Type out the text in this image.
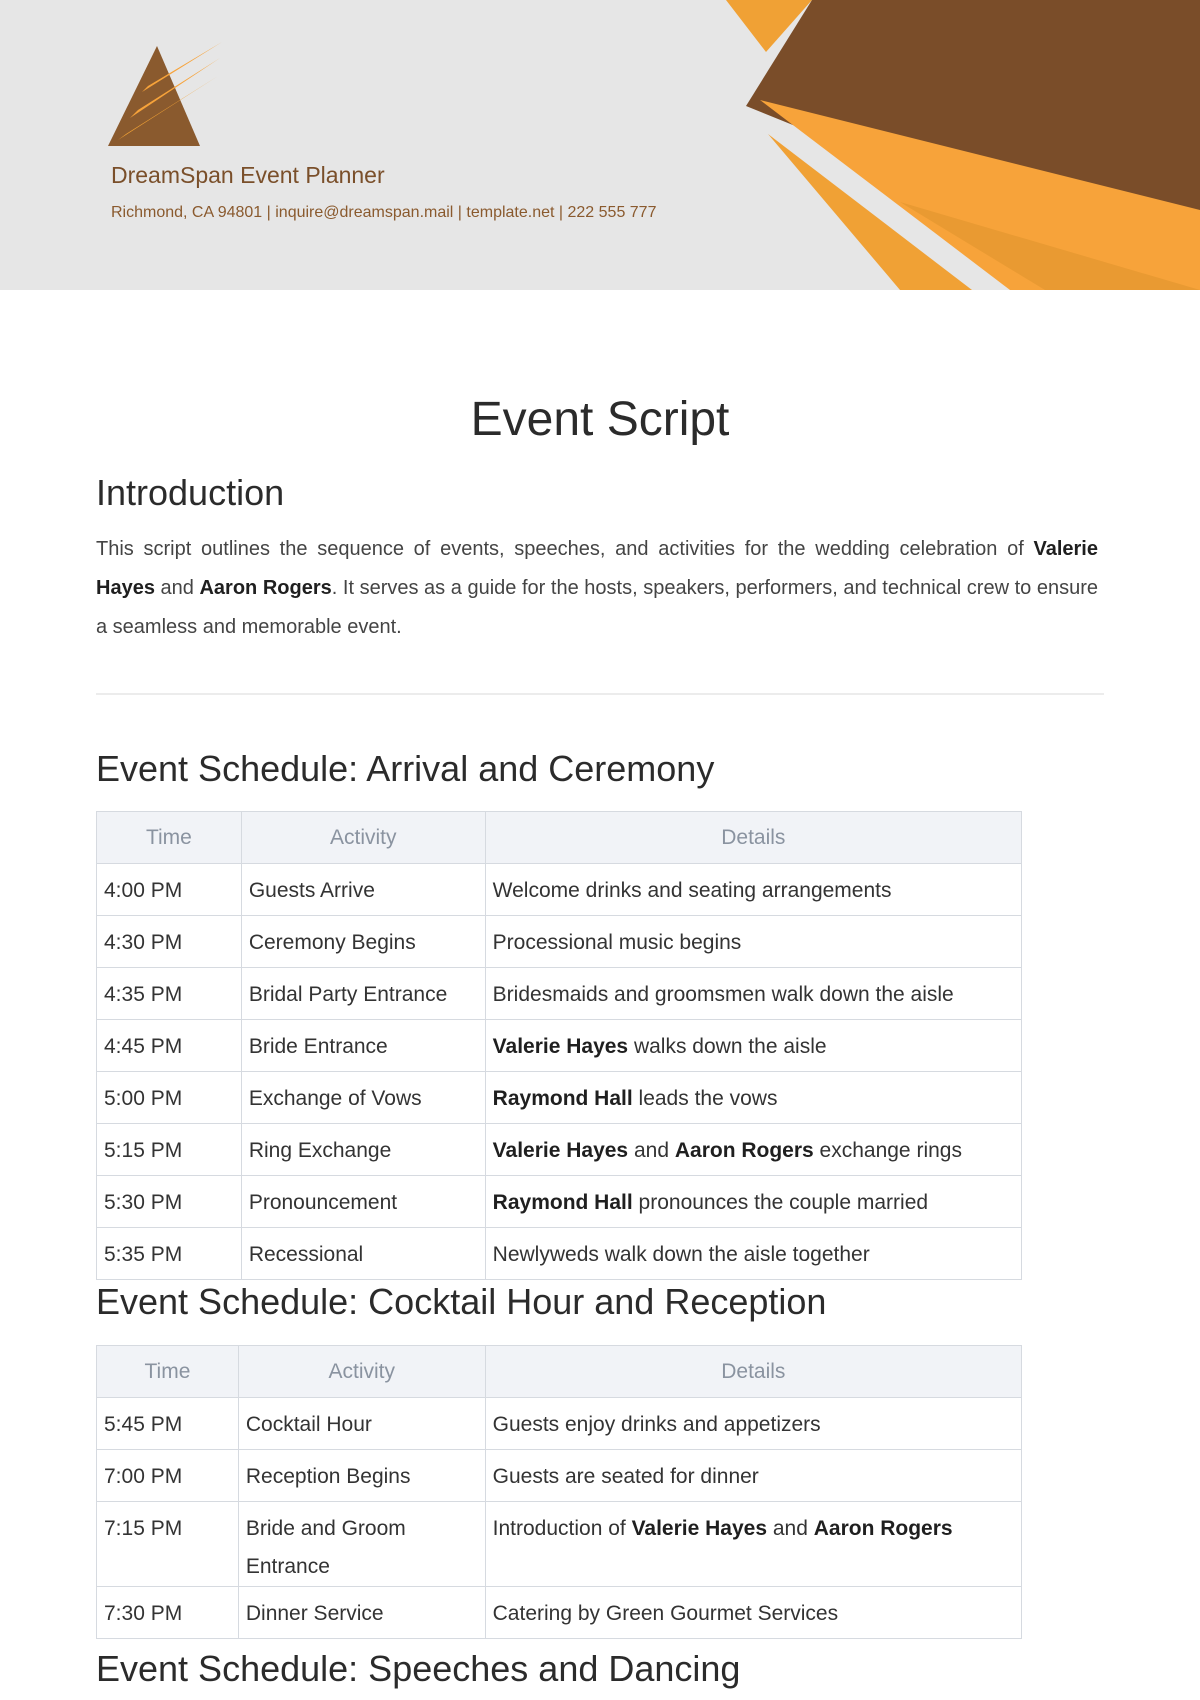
DreamSpan Event Planner
Richmond, CA 94801 | inquire@dreamspan.mail | template.net | 222 555 777
Event Script
Introduction

This script outlines the sequence of events, speeches, and activities for the wedding celebration of Valerie Hayes and Aaron Rogers. It serves as a guide for the hosts, speakers, performers, and technical crew to ensure a seamless and memorable event.

Event Schedule: Arrival and Ceremony
Time	Activity	Details
4:00 PM	Guests Arrive	Welcome drinks and seating arrangements
4:30 PM	Ceremony Begins	Processional music begins
4:35 PM	Bridal Party Entrance	Bridesmaids and groomsmen walk down the aisle
4:45 PM	Bride Entrance	Valerie Hayes walks down the aisle
5:00 PM	Exchange of Vows	Raymond Hall leads the vows
5:15 PM	Ring Exchange	Valerie Hayes and Aaron Rogers exchange rings
5:30 PM	Pronouncement	Raymond Hall pronounces the couple married
5:35 PM	Recessional	Newlyweds walk down the aisle together
Event Schedule: Cocktail Hour and Reception
Time	Activity	Details
5:45 PM	Cocktail Hour	Guests enjoy drinks and appetizers
7:00 PM	Reception Begins	Guests are seated for dinner
7:15 PM	Bride and Groom Entrance	Introduction of Valerie Hayes and Aaron Rogers
7:30 PM	Dinner Service	Catering by Green Gourmet Services
Event Schedule: Speeches and Dancing
